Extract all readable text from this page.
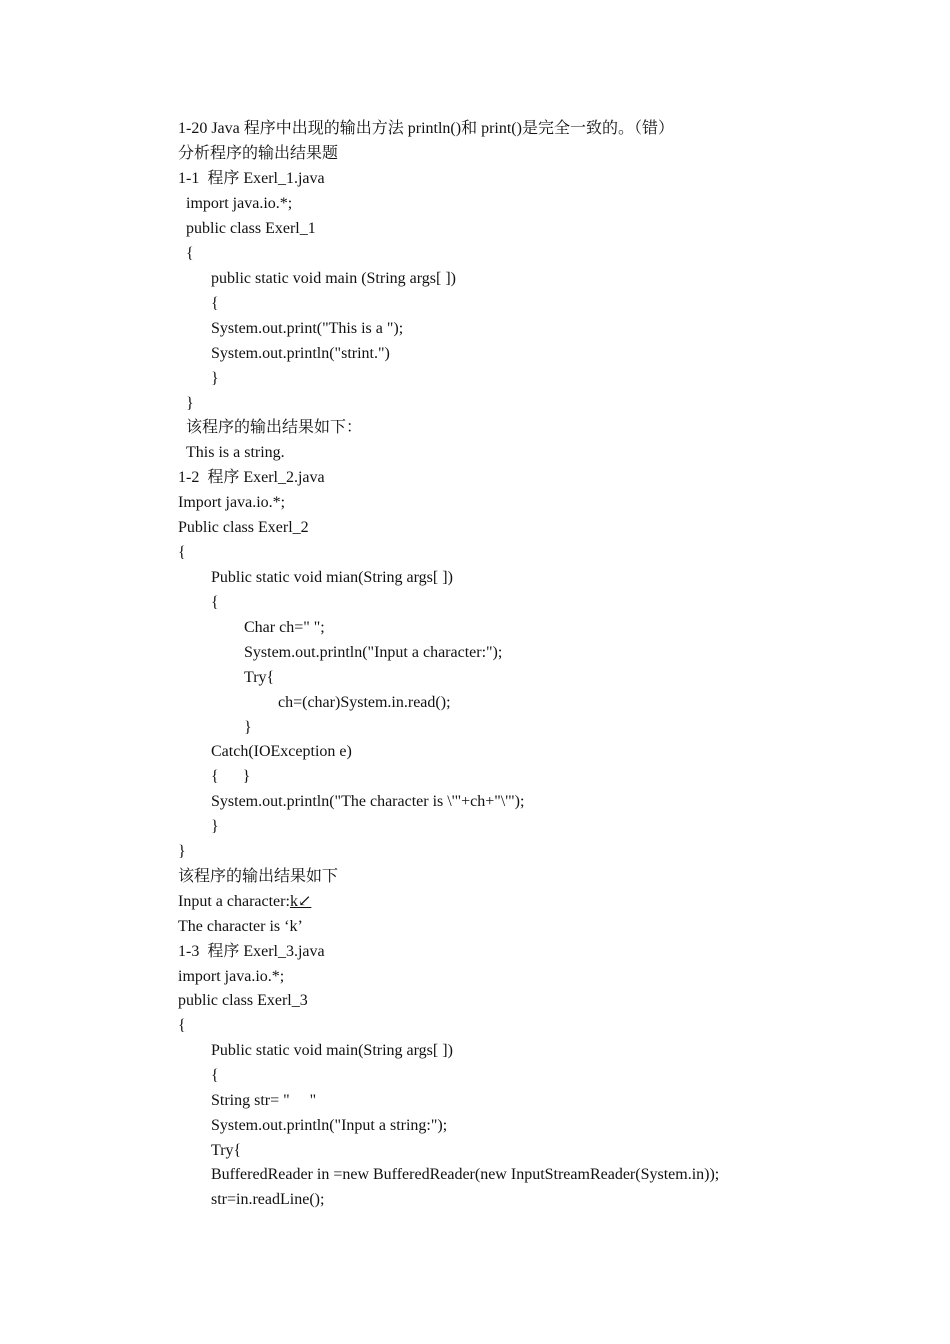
1-20 Java 程序中出现的输出方法 println()和 print()是完全一致的。（错）
分析程序的输出结果题
1-1  程序 Exerl_1.java
import java.io.*;
public class Exerl_1
{
public static void main (String args[ ])
{
System.out.print("This is a ");
System.out.println("strint.")
}
}
该程序的输出结果如下：
This is a string.
1-2  程序 Exerl_2.java
Import java.io.*;
Public class Exerl_2
{
Public static void mian(String args[ ])
{
Char ch=" ";
System.out.println("Input a character:");
Try{
ch=(char)System.in.read();
}
Catch(IOException e)
{      }
System.out.println("The character is \'"+ch+"\'");
}
}
该程序的输出结果如下
Input a character:k↙
The character is ‘k’
1-3  程序 Exerl_3.java
import java.io.*;
public class Exerl_3
{
Public static void main(String args[ ])
{
String str= "     "
System.out.println("Input a string:");
Try{
BufferedReader in =new BufferedReader(new InputStreamReader(System.in));
str=in.readLine();
